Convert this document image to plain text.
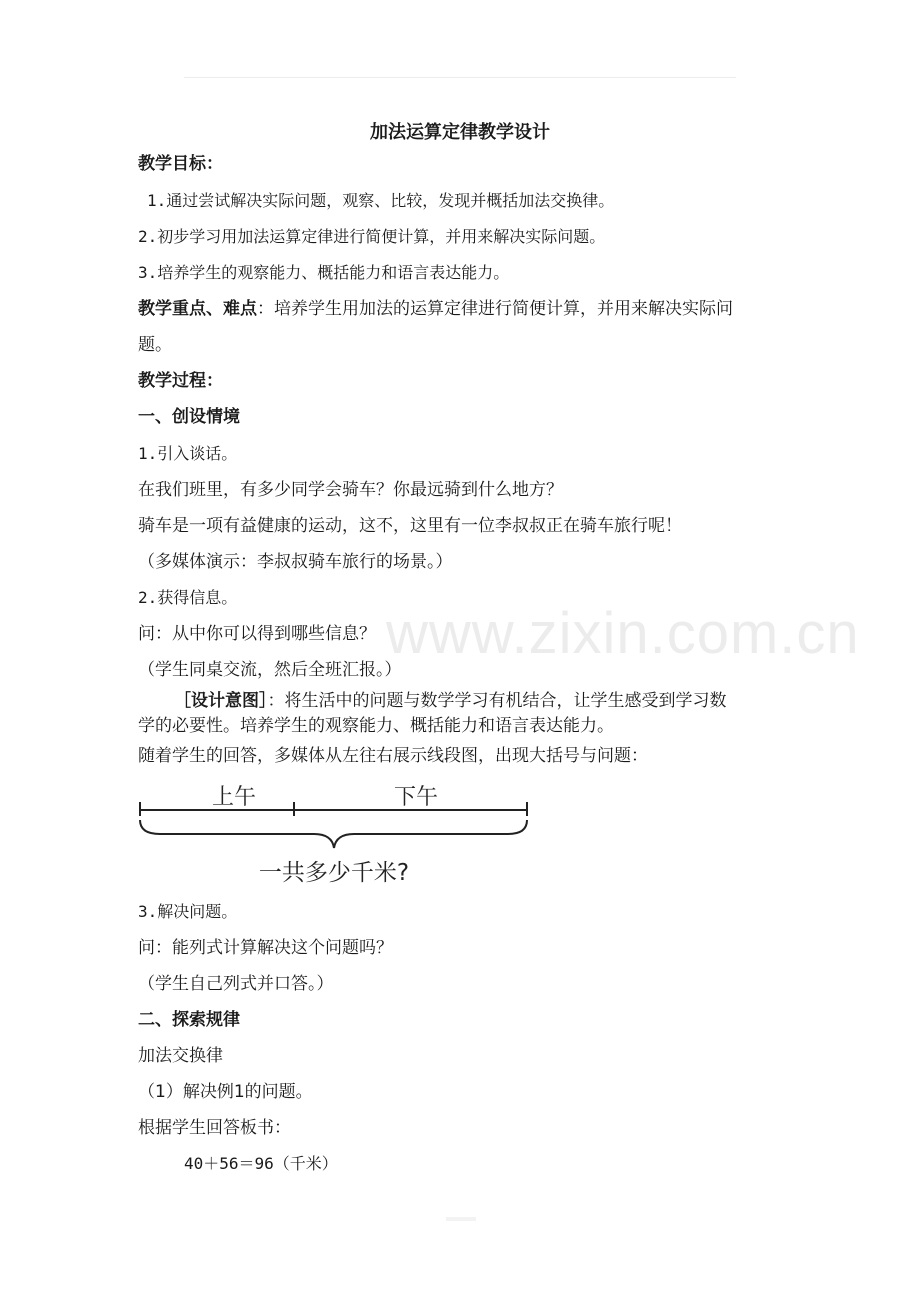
www.zixin.com.cn
加法运算定律教学设计
教学目标：
1.通过尝试解决实际问题，观察、比较，发现并概括加法交换律。
2.初步学习用加法运算定律进行简便计算，并用来解决实际问题。
3.培养学生的观察能力、概括能力和语言表达能力。
教学重点、难点：培养学生用加法的运算定律进行简便计算，并用来解决实际问
题。
教学过程：
一、创设情境
1.引入谈话。
在我们班里，有多少同学会骑车？你最远骑到什么地方？
骑车是一项有益健康的运动，这不，这里有一位李叔叔正在骑车旅行呢！
（多媒体演示：李叔叔骑车旅行的场景。）
2.获得信息。
问：从中你可以得到哪些信息？
（学生同桌交流，然后全班汇报。）
［设计意图］：将生活中的问题与数学学习有机结合，让学生感受到学习数
学的必要性。培养学生的观察能力、概括能力和语言表达能力。
随着学生的回答，多媒体从左往右展示线段图，出现大括号与问题：
上午	下午
一共多少千米?
3.解决问题。
问：能列式计算解决这个问题吗？
（学生自己列式并口答。）
二、探索规律
加法交换律
（1）解决例1的问题。
根据学生回答板书：
40＋56＝96（千米）
